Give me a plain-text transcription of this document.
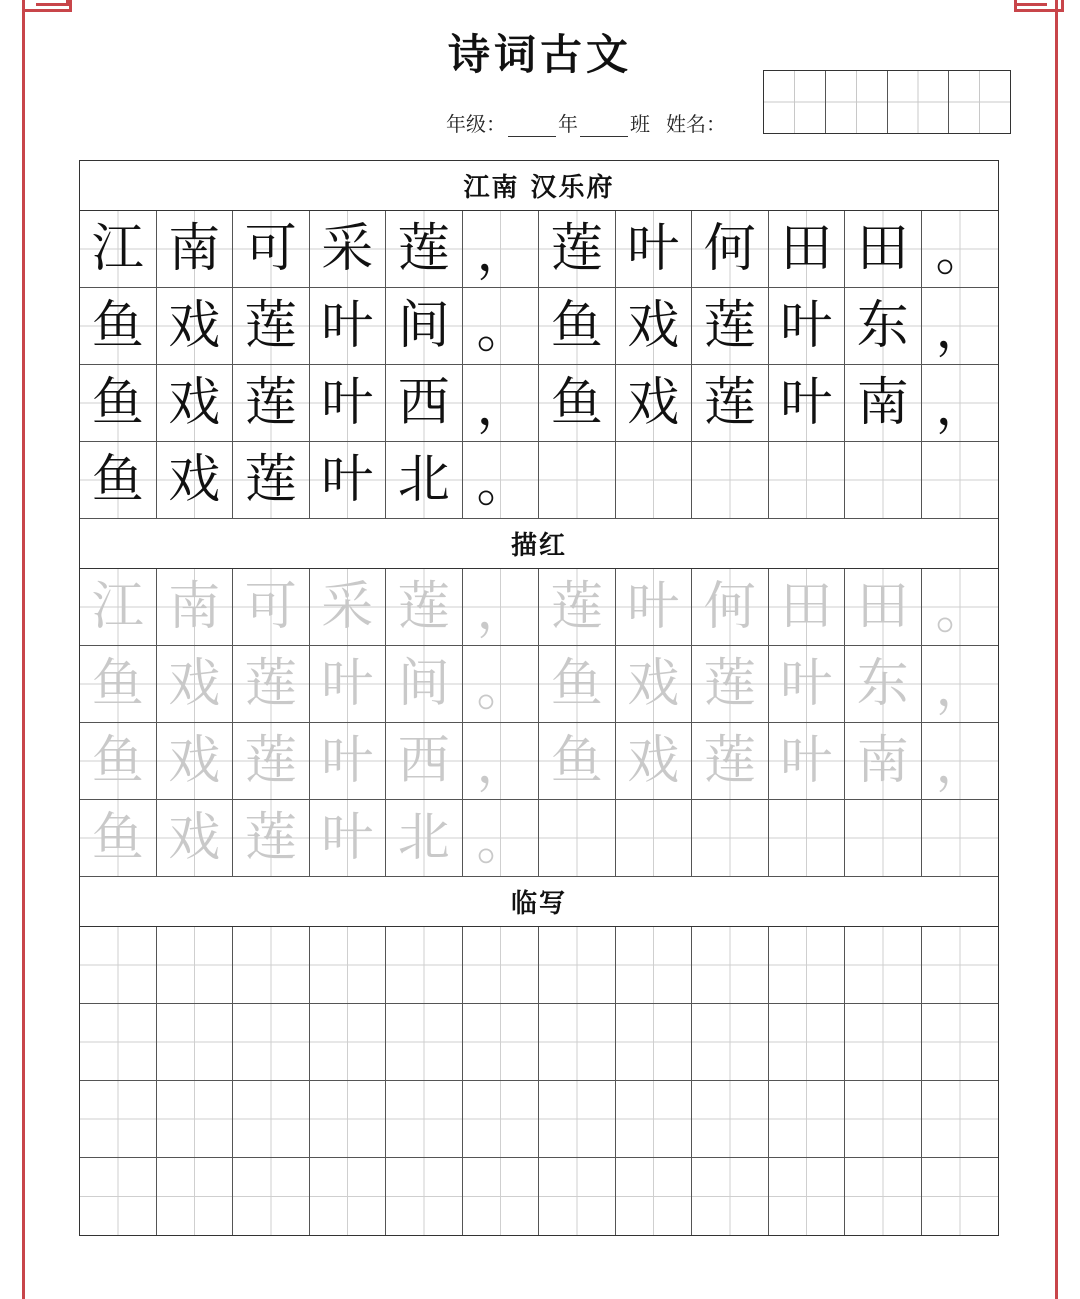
诗词古文
年级：	年	班 姓名：
江南 汉乐府
江 南 可 采 莲 ， 莲 叶 何 田 田 。
鱼 戏 莲 叶 间 。 鱼 戏 莲 叶 东 ，
鱼 戏 莲 叶 西 ， 鱼 戏 莲 叶 南 ，
鱼 戏 莲 叶 北 。
描红
江 南 可 采 莲 ， 莲 叶 何 田 田 。
鱼 戏 莲 叶 间 。 鱼 戏 莲 叶 东 ，
鱼 戏 莲 叶 西 ， 鱼 戏 莲 叶 南 ，
鱼 戏 莲 叶 北 。
临写
